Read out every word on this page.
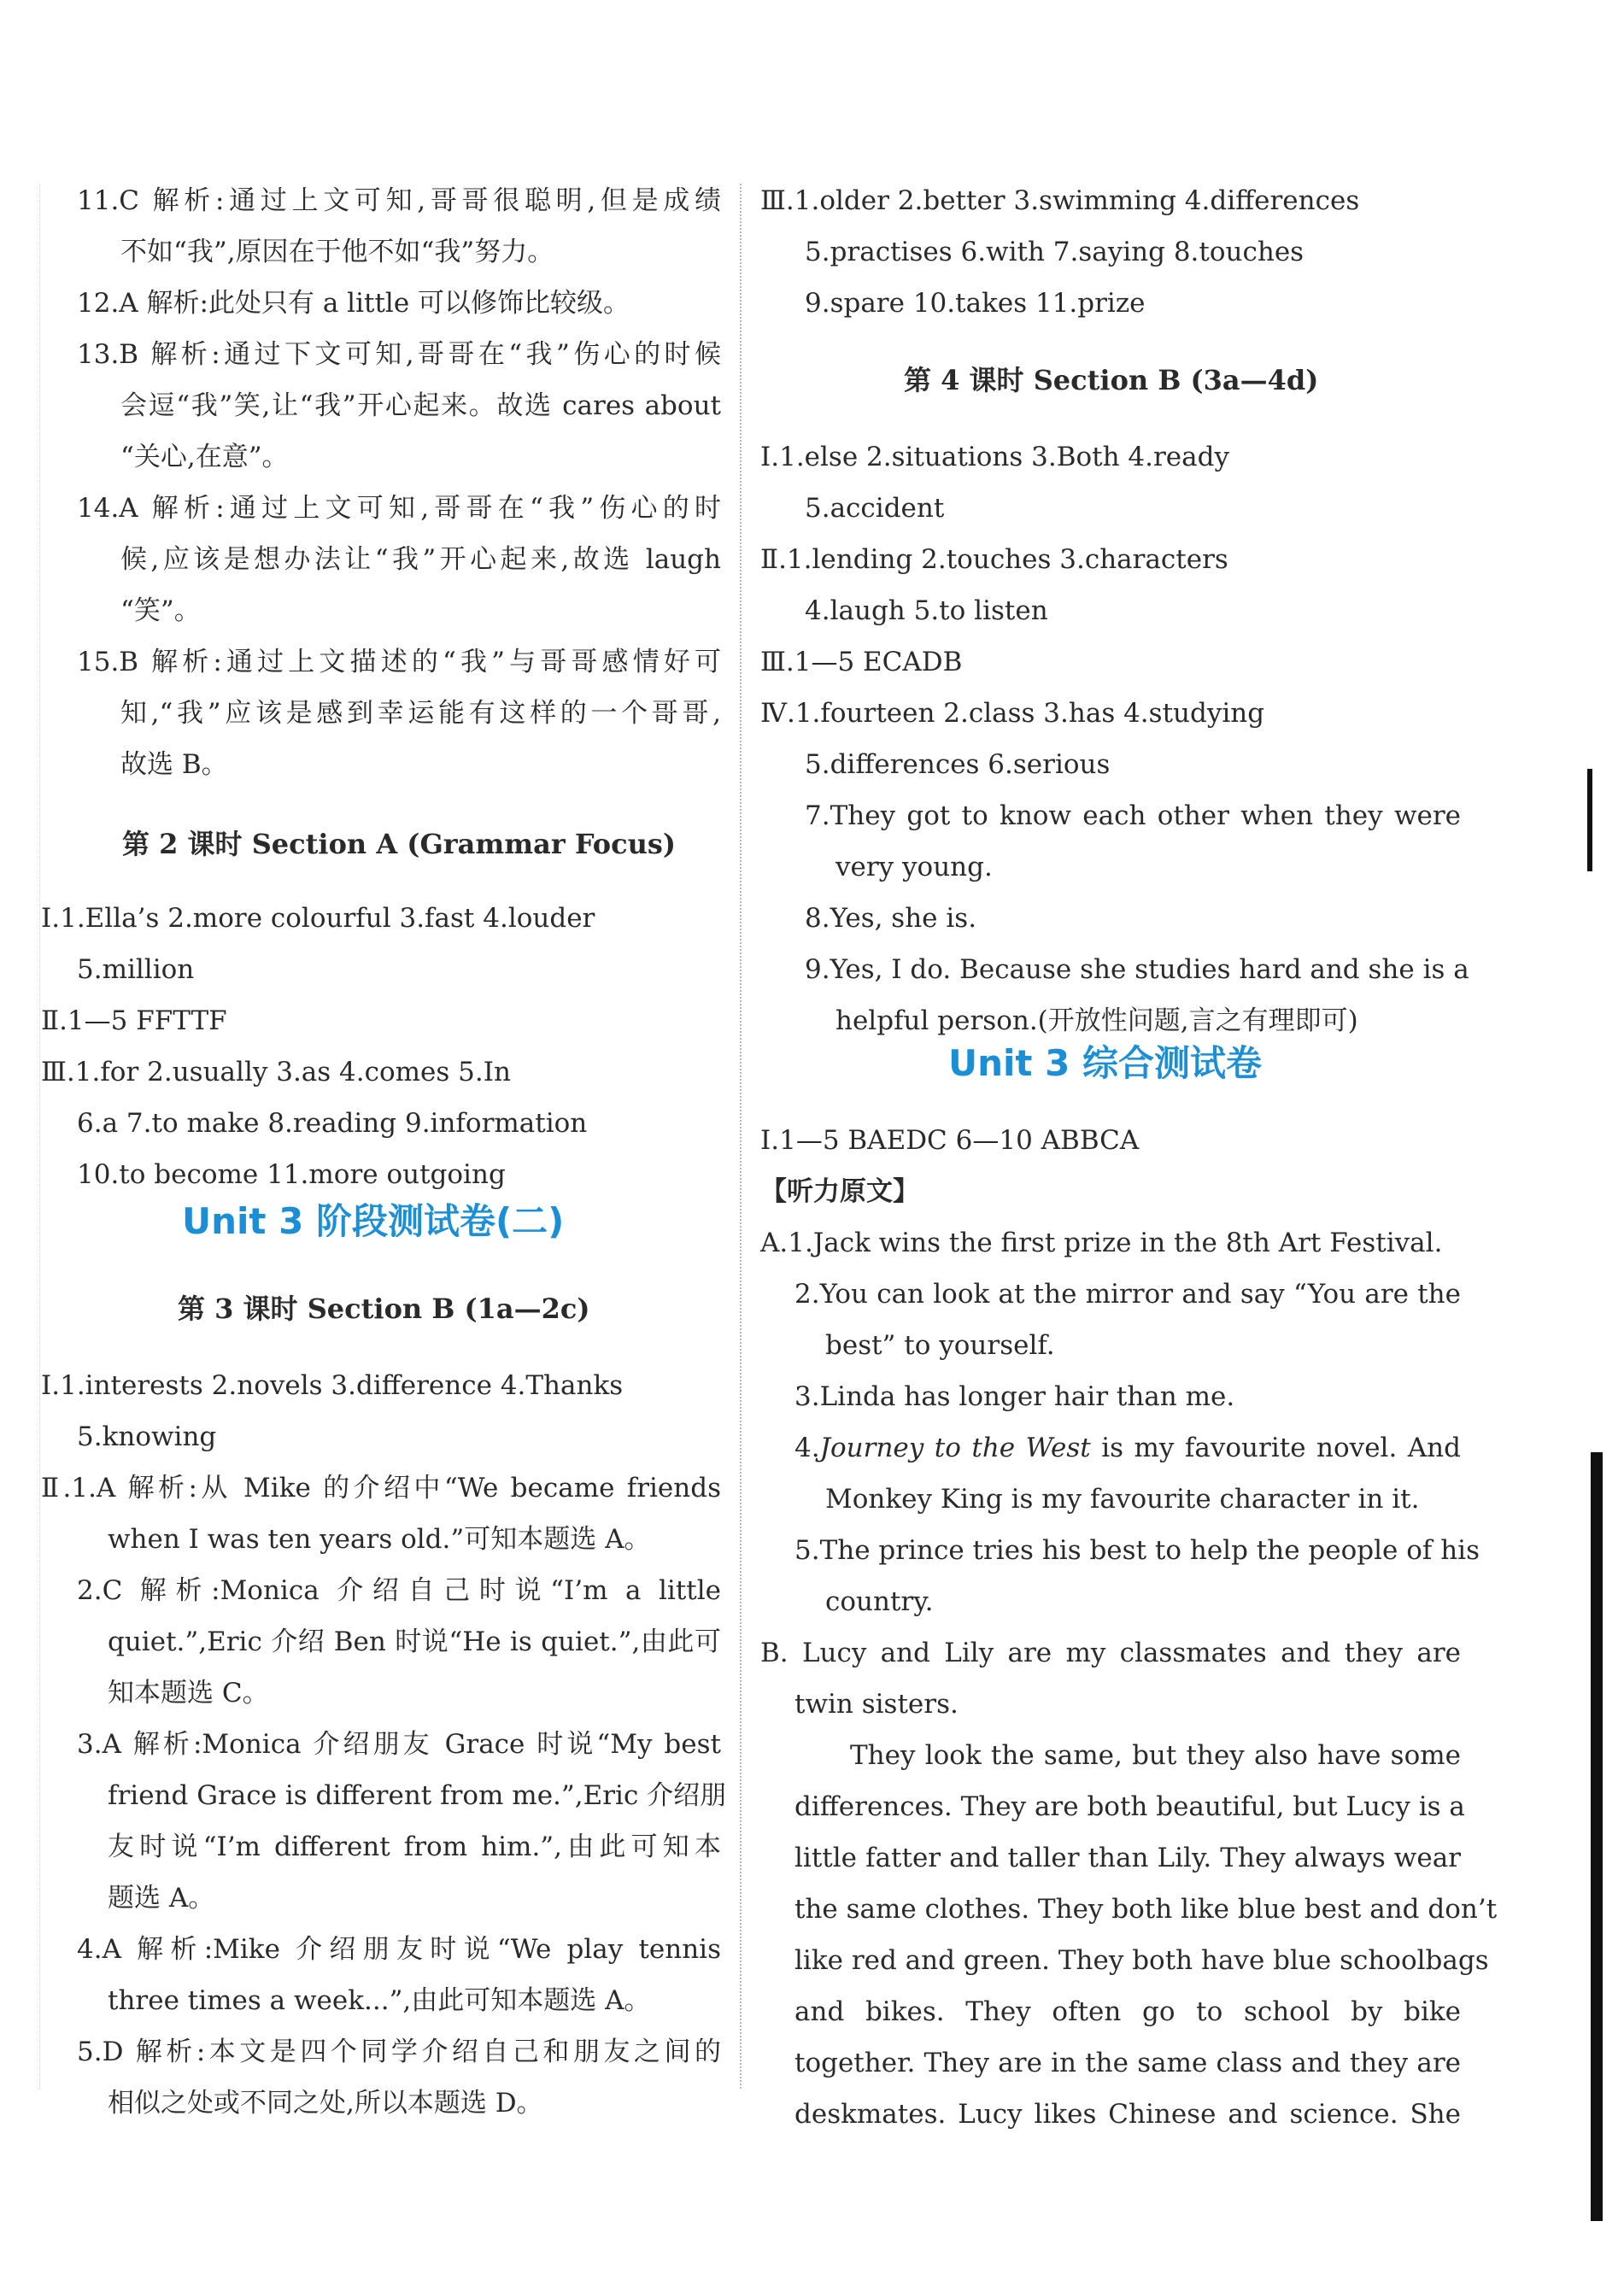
11.C 解析:通过上文可知,哥哥很聪明,但是成绩
不如“我”,原因在于他不如“我”努力。
12.A 解析:此处只有 a little 可以修饰比较级。
13.B 解析:通过下文可知,哥哥在“我”伤心的时候
会逗“我”笑,让“我”开心起来。故选 cares about
“关心,在意”。
14.A 解析:通过上文可知,哥哥在“我”伤心的时
候,应该是想办法让“我”开心起来,故选 laugh
“笑”。
15.B 解析:通过上文描述的“我”与哥哥感情好可
知,“我”应该是感到幸运能有这样的一个哥哥,
故选 B。
第 2 课时 Section A (Grammar Focus)
Ⅰ.1.Ella’s 2.more colourful 3.fast 4.louder
5.million
Ⅱ.1—5 FFTTF
Ⅲ.1.for 2.usually 3.as 4.comes 5.In
6.a 7.to make 8.reading 9.information
10.to become 11.more outgoing
Unit 3 阶段测试卷(二)
第 3 课时 Section B (1a—2c)
Ⅰ.1.interests 2.novels 3.difference 4.Thanks
5.knowing
Ⅱ.1.A 解析:从 Mike 的介绍中“We became friends
when I was ten years old.”可知本题选 A。
2.C 解析:Monica 介绍自己时说“I’m a little
quiet.”,Eric 介绍 Ben 时说“He is quiet.”,由此可
知本题选 C。
3.A 解析:Monica 介绍朋友 Grace 时说“My best
friend Grace is different from me.”,Eric 介绍朋
友时说“I’m different from him.”,由此可知本
题选 A。
4.A 解析:Mike 介绍朋友时说“We play tennis
three times a week...”,由此可知本题选 A。
5.D 解析:本文是四个同学介绍自己和朋友之间的
相似之处或不同之处,所以本题选 D。
Ⅲ.1.older 2.better 3.swimming 4.differences
5.practises 6.with 7.saying 8.touches
9.spare 10.takes 11.prize
第 4 课时 Section B (3a—4d)
Ⅰ.1.else 2.situations 3.Both 4.ready
5.accident
Ⅱ.1.lending 2.touches 3.characters
4.laugh 5.to listen
Ⅲ.1—5 ECADB
Ⅳ.1.fourteen 2.class 3.has 4.studying
5.differences 6.serious
7.They got to know each other when they were
very young.
8.Yes, she is.
9.Yes, I do. Because she studies hard and she is a
helpful person.(开放性问题,言之有理即可)
Unit 3 综合测试卷
Ⅰ.1—5 BAEDC 6—10 ABBCA
【听力原文】
A.1.Jack wins the first prize in the 8th Art Festival.
2.You can look at the mirror and say “You are the
best” to yourself.
3.Linda has longer hair than me.
4.Journey to the West is my favourite novel. And
Monkey King is my favourite character in it.
5.The prince tries his best to help the people of his
country.
B. Lucy and Lily are my classmates and they are
twin sisters.
They look the same, but they also have some
differences. They are both beautiful, but Lucy is a
little fatter and taller than Lily. They always wear
the same clothes. They both like blue best and don’t
like red and green. They both have blue schoolbags
and bikes. They often go to school by bike
together. They are in the same class and they are
deskmates. Lucy likes Chinese and science. She
